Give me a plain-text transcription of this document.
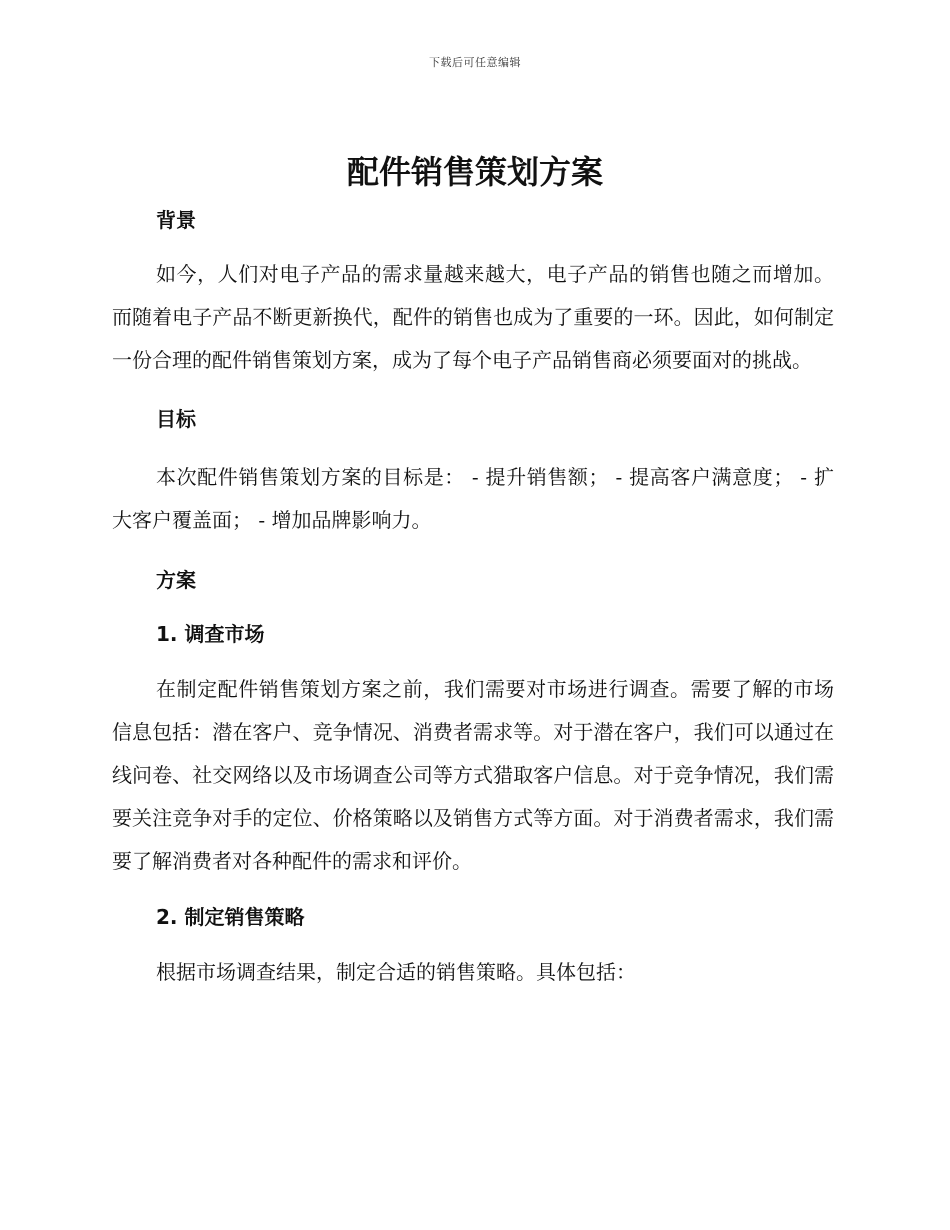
下载后可任意编辑
配件销售策划方案
背景

如今，人们对电子产品的需求量越来越大，电子产品的销售也随之而增加。而随着电子产品不断更新换代，配件的销售也成为了重要的一环。因此，如何制定一份合理的配件销售策划方案，成为了每个电子产品销售商必须要面对的挑战。

目标

本次配件销售策划方案的目标是： - 提升销售额； - 提高客户满意度； - 扩大客户覆盖面； - 增加品牌影响力。

方案
1. 调查市场

在制定配件销售策划方案之前，我们需要对市场进行调查。需要了解的市场信息包括：潜在客户、竞争情况、消费者需求等。对于潜在客户，我们可以通过在线问卷、社交网络以及市场调查公司等方式猎取客户信息。对于竞争情况，我们需要关注竞争对手的定位、价格策略以及销售方式等方面。对于消费者需求，我们需要了解消费者对各种配件的需求和评价。

2. 制定销售策略

根据市场调查结果，制定合适的销售策略。具体包括：
